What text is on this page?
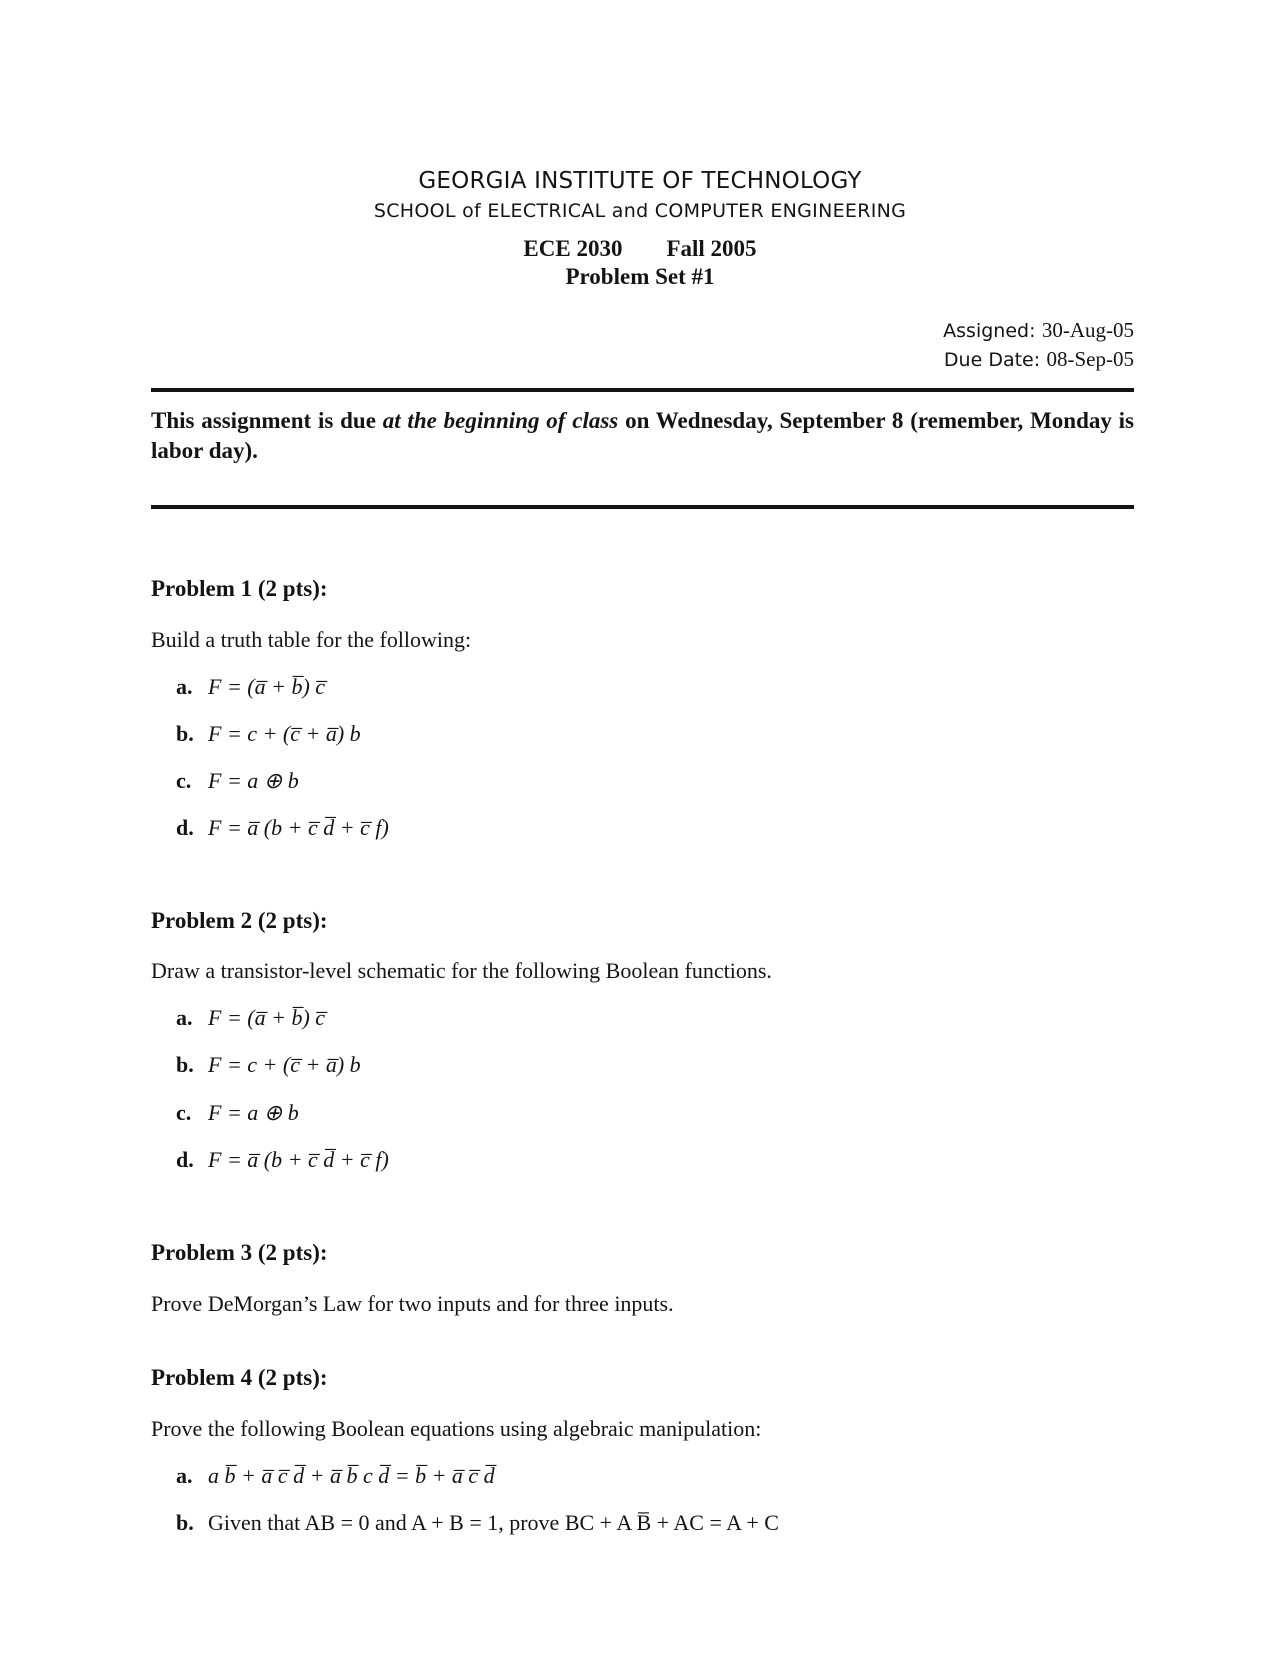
GEORGIA INSTITUTE OF TECHNOLOGY
SCHOOL of ELECTRICAL and COMPUTER ENGINEERING
ECE 2030 Fall 2005
Problem Set #1
Assigned: 30-Aug-05
Due Date: 08-Sep-05
This assignment is due at the beginning of class on Wednesday, September 8 (remember, Monday is labor day).
Problem 1 (2 pts):
Build a truth table for the following:
a. F = (a̅ + b̅) c̅
b. F = c + (c̅ + a̅) b
c. F = a ⊕ b
d. F = a̅ (b + c̅ d̅ + c̅ f)
Problem 2 (2 pts):
Draw a transistor-level schematic for the following Boolean functions.
a. F = (a̅ + b̅) c̅
b. F = c + (c̅ + a̅) b
c. F = a ⊕ b
d. F = a̅ (b + c̅ d̅ + c̅ f)
Problem 3 (2 pts):
Prove DeMorgan’s Law for two inputs and for three inputs.
Problem 4 (2 pts):
Prove the following Boolean equations using algebraic manipulation:
a. a b̅ + a̅ c̅ d̅ + a̅ b̅ c d̅ = b̅ + a̅ c̅ d̅
b. Given that AB = 0 and A + B = 1, prove BC + A B̅ + AC = A + C
